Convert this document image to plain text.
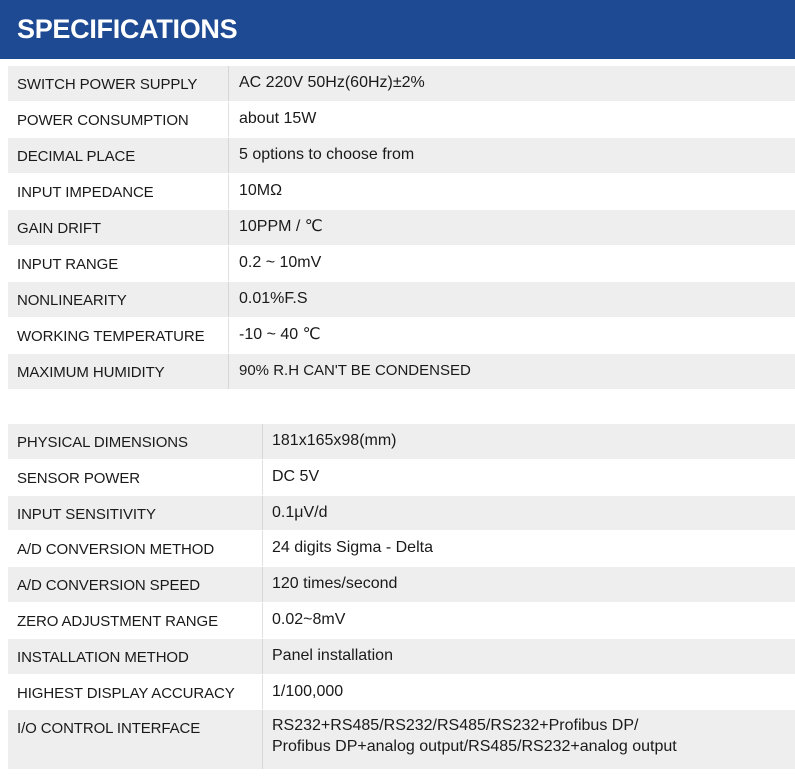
SPECIFICATIONS
SWITCH POWER SUPPLY	AC 220V 50Hz(60Hz)±2%
POWER CONSUMPTION	about 15W
DECIMAL PLACE	5 options to choose from
INPUT IMPEDANCE	10MΩ
GAIN DRIFT	10PPM / ℃
INPUT RANGE	0.2 ~ 10mV
NONLINEARITY	0.01%F.S
WORKING TEMPERATURE -10 ~ 40 ℃
MAXIMUM HUMIDITY	90% R.H CAN'T BE CONDENSED
PHYSICAL DIMENSIONS	181x165x98(mm)
SENSOR POWER	DC 5V
INPUT SENSITIVITY	0.1μV/d
A/D CONVERSION METHOD	24 digits Sigma - Delta
A/D CONVERSION SPEED	120 times/second
ZERO ADJUSTMENT RANGE	0.02~8mV
INSTALLATION METHOD	Panel installation
HIGHEST DISPLAY ACCURACY 1/100,000
I/O CONTROL INTERFACE	RS232+RS485/RS232/RS485/RS232+Profibus DP/
Profibus DP+analog output/RS485/RS232+analog output
